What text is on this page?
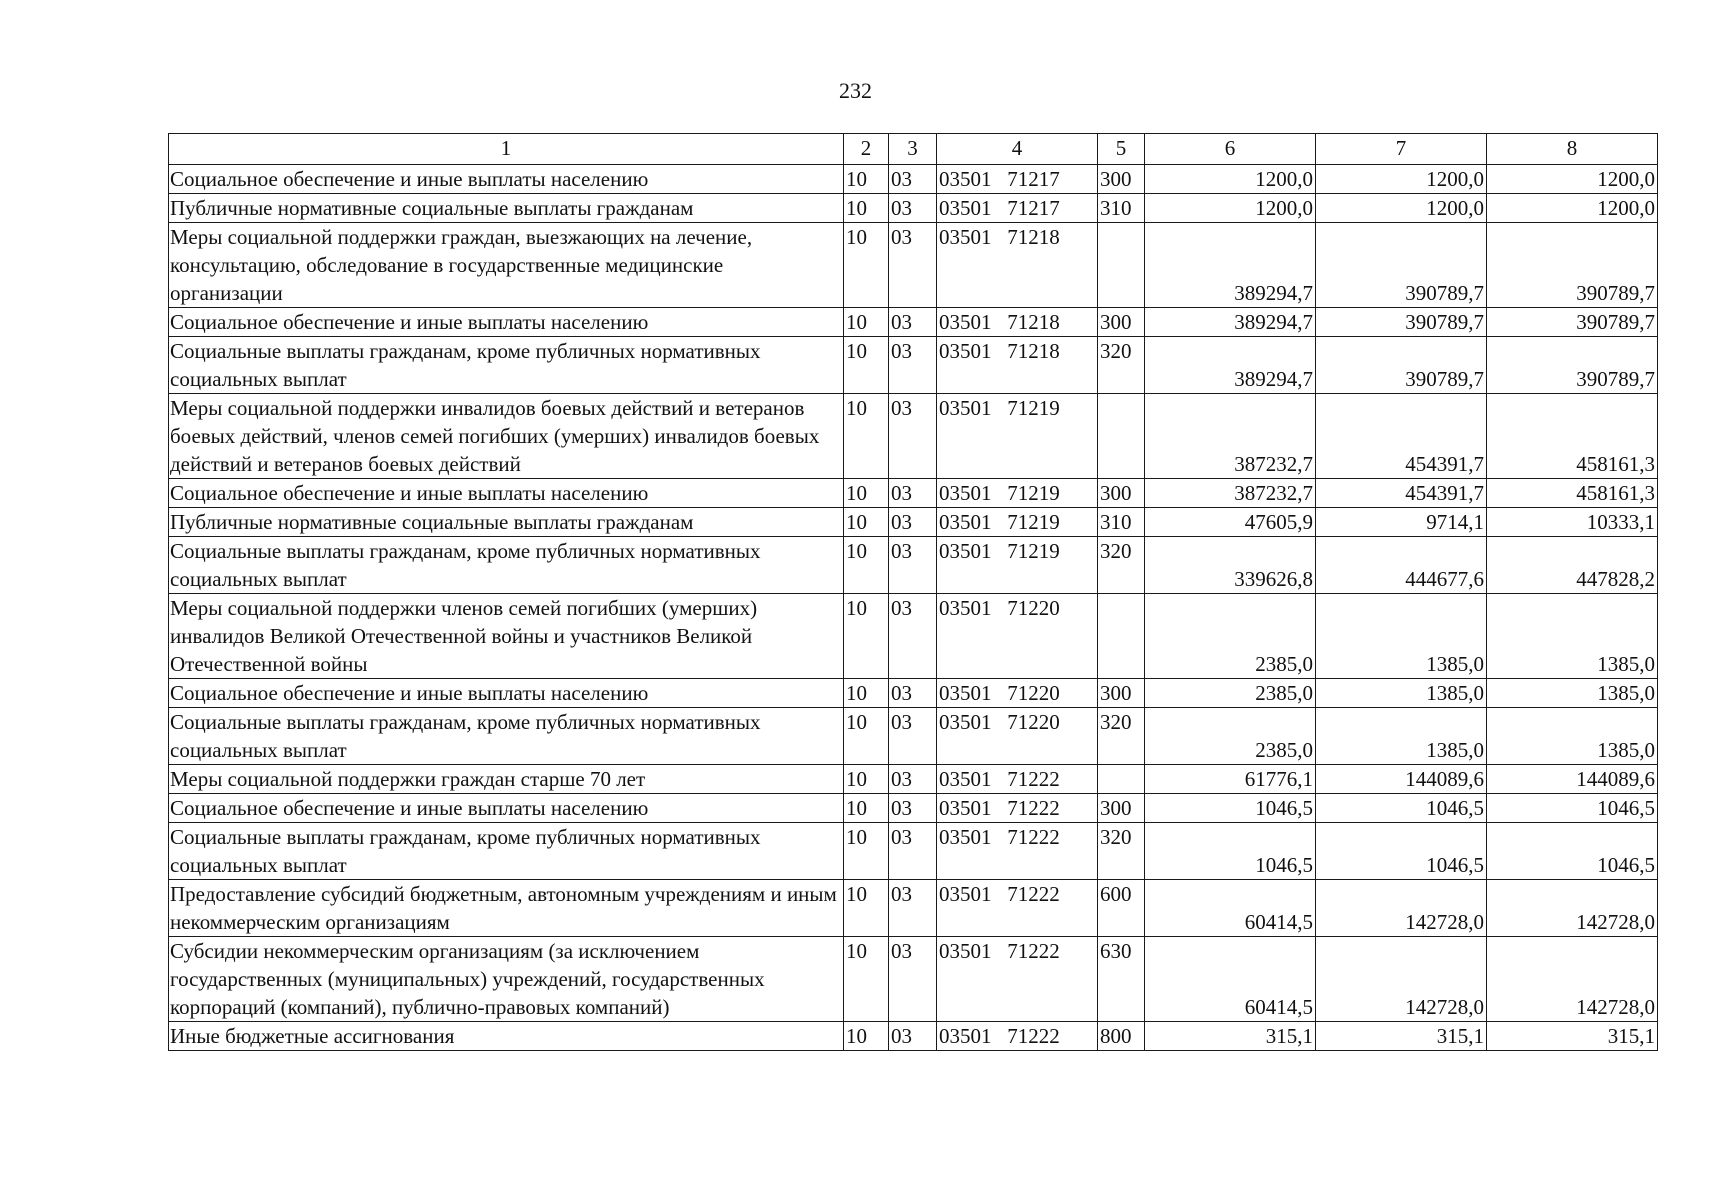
232
1	2	3	4	5	6	7	8
Социальное обеспечение и иные выплаты населению	10	03	03501   71217	300	1200,0	1200,0	1200,0
Публичные нормативные социальные выплаты гражданам	10	03	03501   71217	310	1200,0	1200,0	1200,0
Меры социальной поддержки граждан, выезжающих на лечение, консультацию, обследование в государственные медицинские организации	10	03	03501   71218		389294,7	390789,7	390789,7
Социальное обеспечение и иные выплаты населению	10	03	03501   71218	300	389294,7	390789,7	390789,7
Социальные выплаты гражданам, кроме публичных нормативных социальных выплат	10	03	03501   71218	320	389294,7	390789,7	390789,7
Меры социальной поддержки инвалидов боевых действий и ветеранов боевых действий, членов семей погибших (умерших) инвалидов боевых действий и ветеранов боевых действий	10	03	03501   71219		387232,7	454391,7	458161,3
Социальное обеспечение и иные выплаты населению	10	03	03501   71219	300	387232,7	454391,7	458161,3
Публичные нормативные социальные выплаты гражданам	10	03	03501   71219	310	47605,9	9714,1	10333,1
Социальные выплаты гражданам, кроме публичных нормативных социальных выплат	10	03	03501   71219	320	339626,8	444677,6	447828,2
Меры социальной поддержки членов семей погибших (умерших) инвалидов Великой Отечественной войны и участников Великой Отечественной войны	10	03	03501   71220		2385,0	1385,0	1385,0
Социальное обеспечение и иные выплаты населению	10	03	03501   71220	300	2385,0	1385,0	1385,0
Социальные выплаты гражданам, кроме публичных нормативных социальных выплат	10	03	03501   71220	320	2385,0	1385,0	1385,0
Меры социальной поддержки граждан старше 70 лет	10	03	03501   71222		61776,1	144089,6	144089,6
Социальное обеспечение и иные выплаты населению	10	03	03501   71222	300	1046,5	1046,5	1046,5
Социальные выплаты гражданам, кроме публичных нормативных социальных выплат	10	03	03501   71222	320	1046,5	1046,5	1046,5
Предоставление субсидий бюджетным, автономным учреждениям и иным некоммерческим организациям	10	03	03501   71222	600	60414,5	142728,0	142728,0
Субсидии некоммерческим организациям (за исключением государственных (муниципальных) учреждений, государственных корпораций (компаний), публично-правовых компаний)	10	03	03501   71222	630	60414,5	142728,0	142728,0
Иные бюджетные ассигнования	10	03	03501   71222	800	315,1	315,1	315,1
